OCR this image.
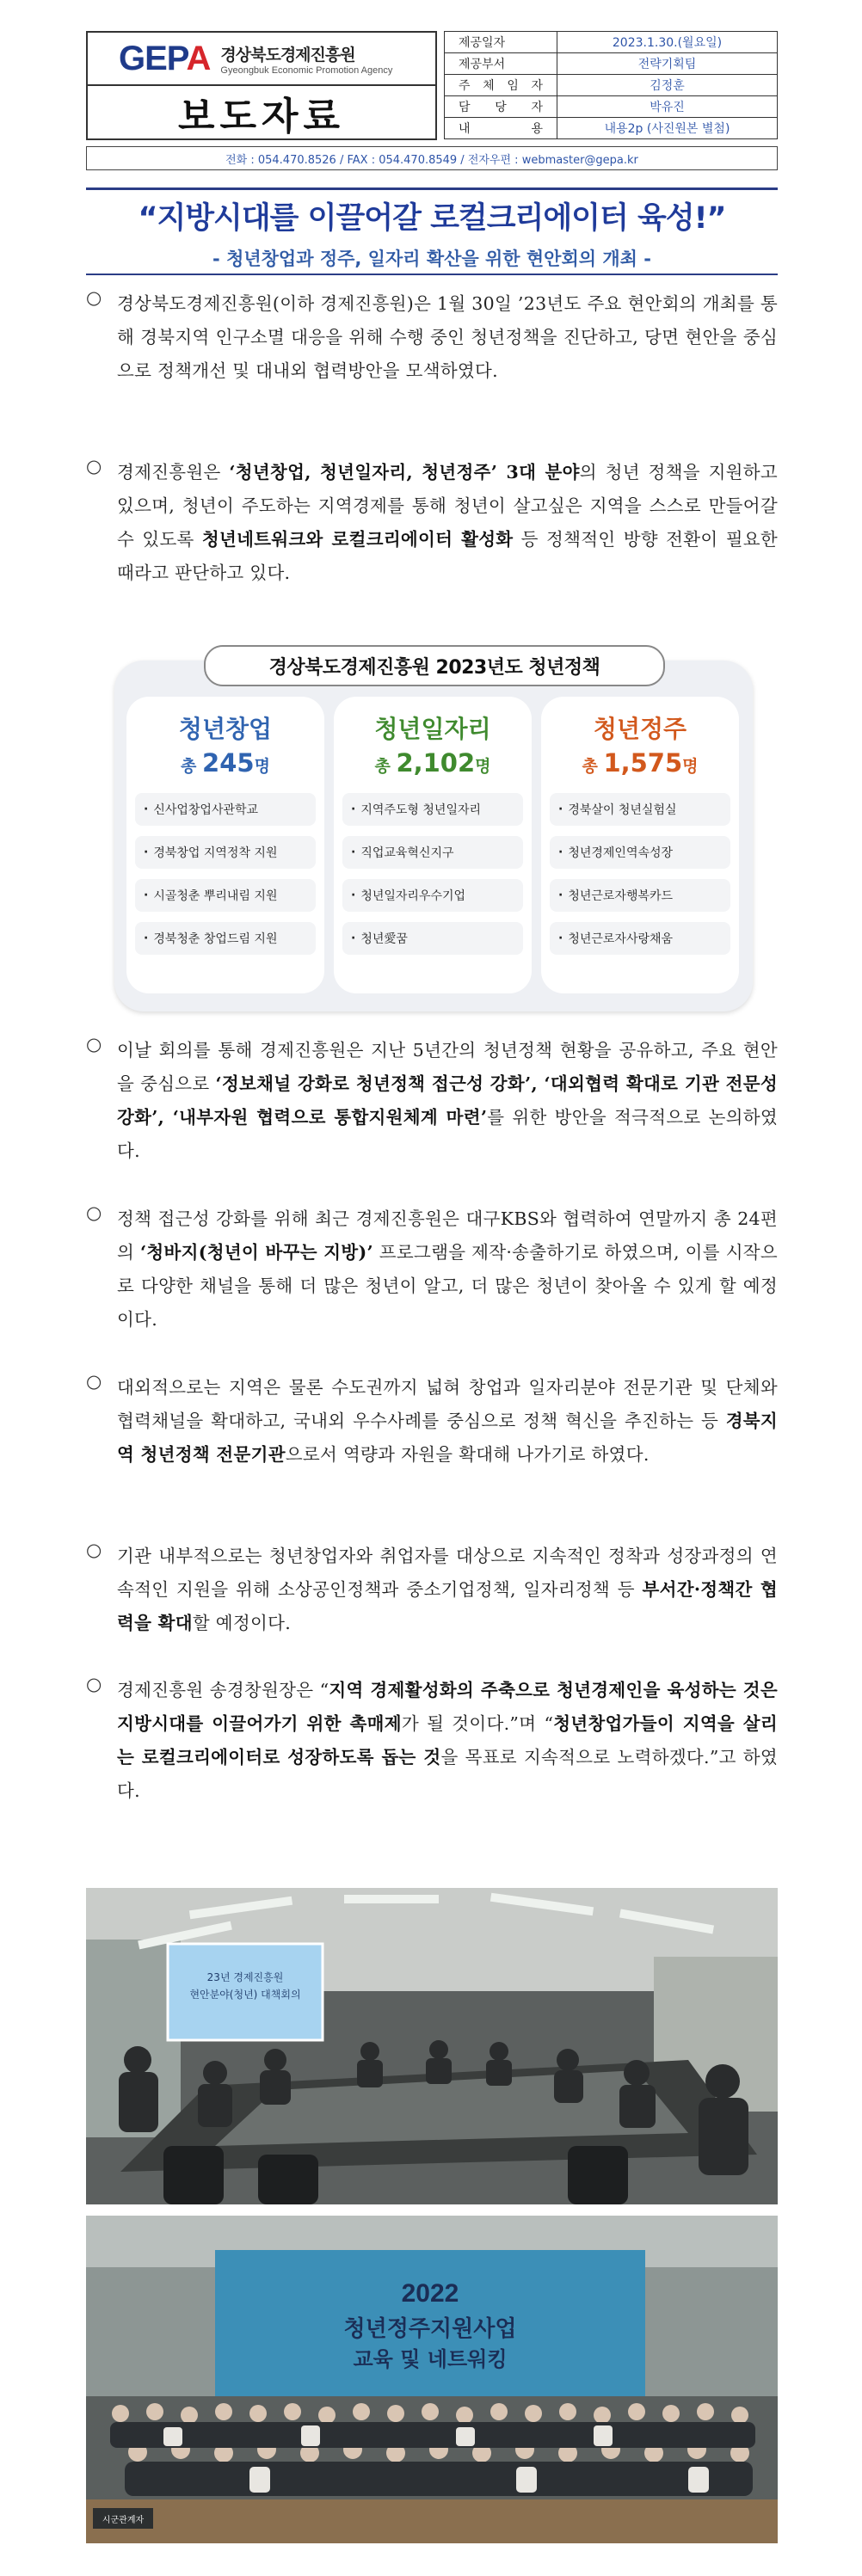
GEPA 경상북도경제진흥원
Gyeongbuk Economic Promotion Agency
보도자료
제공일자	2023.1.30.(월요일)
제공부서	전략기획팀
주 체 임 자	김정훈
담 당 자	박유진
내 용	내용2p (사진원본 별첨)
전화 : 054.470.8526 / FAX : 054.470.8549 / 전자우편 : webmaster@gepa.kr
“지방시대를 이끌어갈 로컬크리에이터 육성!”
- 청년창업과 정주, 일자리 확산을 위한 현안회의 개최 -
○ 경상북도경제진흥원(이하 경제진흥원)은 1월 30일 ’23년도 주요 현안회의 개최를 통해 경북지역 인구소멸 대응을 위해 수행 중인 청년정책을 진단하고, 당면 현안을 중심으로 정책개선 및 대내외 협력방안을 모색하였다.
○ 경제진흥원은 ‘청년창업, 청년일자리, 청년정주’ 3대 분야의 청년 정책을 지원하고 있으며, 청년이 주도하는 지역경제를 통해 청년이 살고싶은 지역을 스스로 만들어갈 수 있도록 청년네트워크와 로컬크리에이터 활성화 등 정책적인 방향 전환이 필요한 때라고 판단하고 있다.
경상북도경제진흥원 2023년도 청년정책
청년창업
총 245명
· 신사업창업사관학교
· 경북창업 지역정착 지원
· 시골청춘 뿌리내림 지원
· 경북청춘 창업드림 지원
청년일자리
총 2,102명
· 지역주도형 청년일자리
· 직업교육혁신지구
· 청년일자리우수기업
· 청년愛꿈
청년정주
총 1,575명
· 경북살이 청년실험실
· 청년경제인역속성장
· 청년근로자행복카드
· 청년근로자사랑채움
○ 이날 회의를 통해 경제진흥원은 지난 5년간의 청년정책 현황을 공유하고, 주요 현안을 중심으로 ‘정보채널 강화로 청년정책 접근성 강화’, ‘대외협력 확대로 기관 전문성 강화’, ‘내부자원 협력으로 통합지원체계 마련’를 위한 방안을 적극적으로 논의하였다.
○ 정책 접근성 강화를 위해 최근 경제진흥원은 대구KBS와 협력하여 연말까지 총 24편의 ‘청바지(청년이 바꾸는 지방)’ 프로그램을 제작·송출하기로 하였으며, 이를 시작으로 다양한 채널을 통해 더 많은 청년이 알고, 더 많은 청년이 찾아올 수 있게 할 예정이다.
○ 대외적으로는 지역은 물론 수도권까지 넓혀 창업과 일자리분야 전문기관 및 단체와 협력채널을 확대하고, 국내외 우수사례를 중심으로 정책 혁신을 추진하는 등 경북지역 청년정책 전문기관으로서 역량과 자원을 확대해 나가기로 하였다.
○ 기관 내부적으로는 청년창업자와 취업자를 대상으로 지속적인 정착과 성장과정의 연속적인 지원을 위해 소상공인정책과 중소기업정책, 일자리정책 등 부서간·정책간 협력을 확대할 예정이다.
○ 경제진흥원 송경창원장은 “지역 경제활성화의 주축으로 청년경제인을 육성하는 것은 지방시대를 이끌어가기 위한 촉매제가 될 것이다.”며 “청년창업가들이 지역을 살리는 로컬크리에이터로 성장하도록 돕는 것을 목표로 지속적으로 노력하겠다.”고 하였다.
23년 경제진흥원
현안분야(청년) 대책회의
2022
청년정주지원사업
교육 및 네트워킹
시군관계자
